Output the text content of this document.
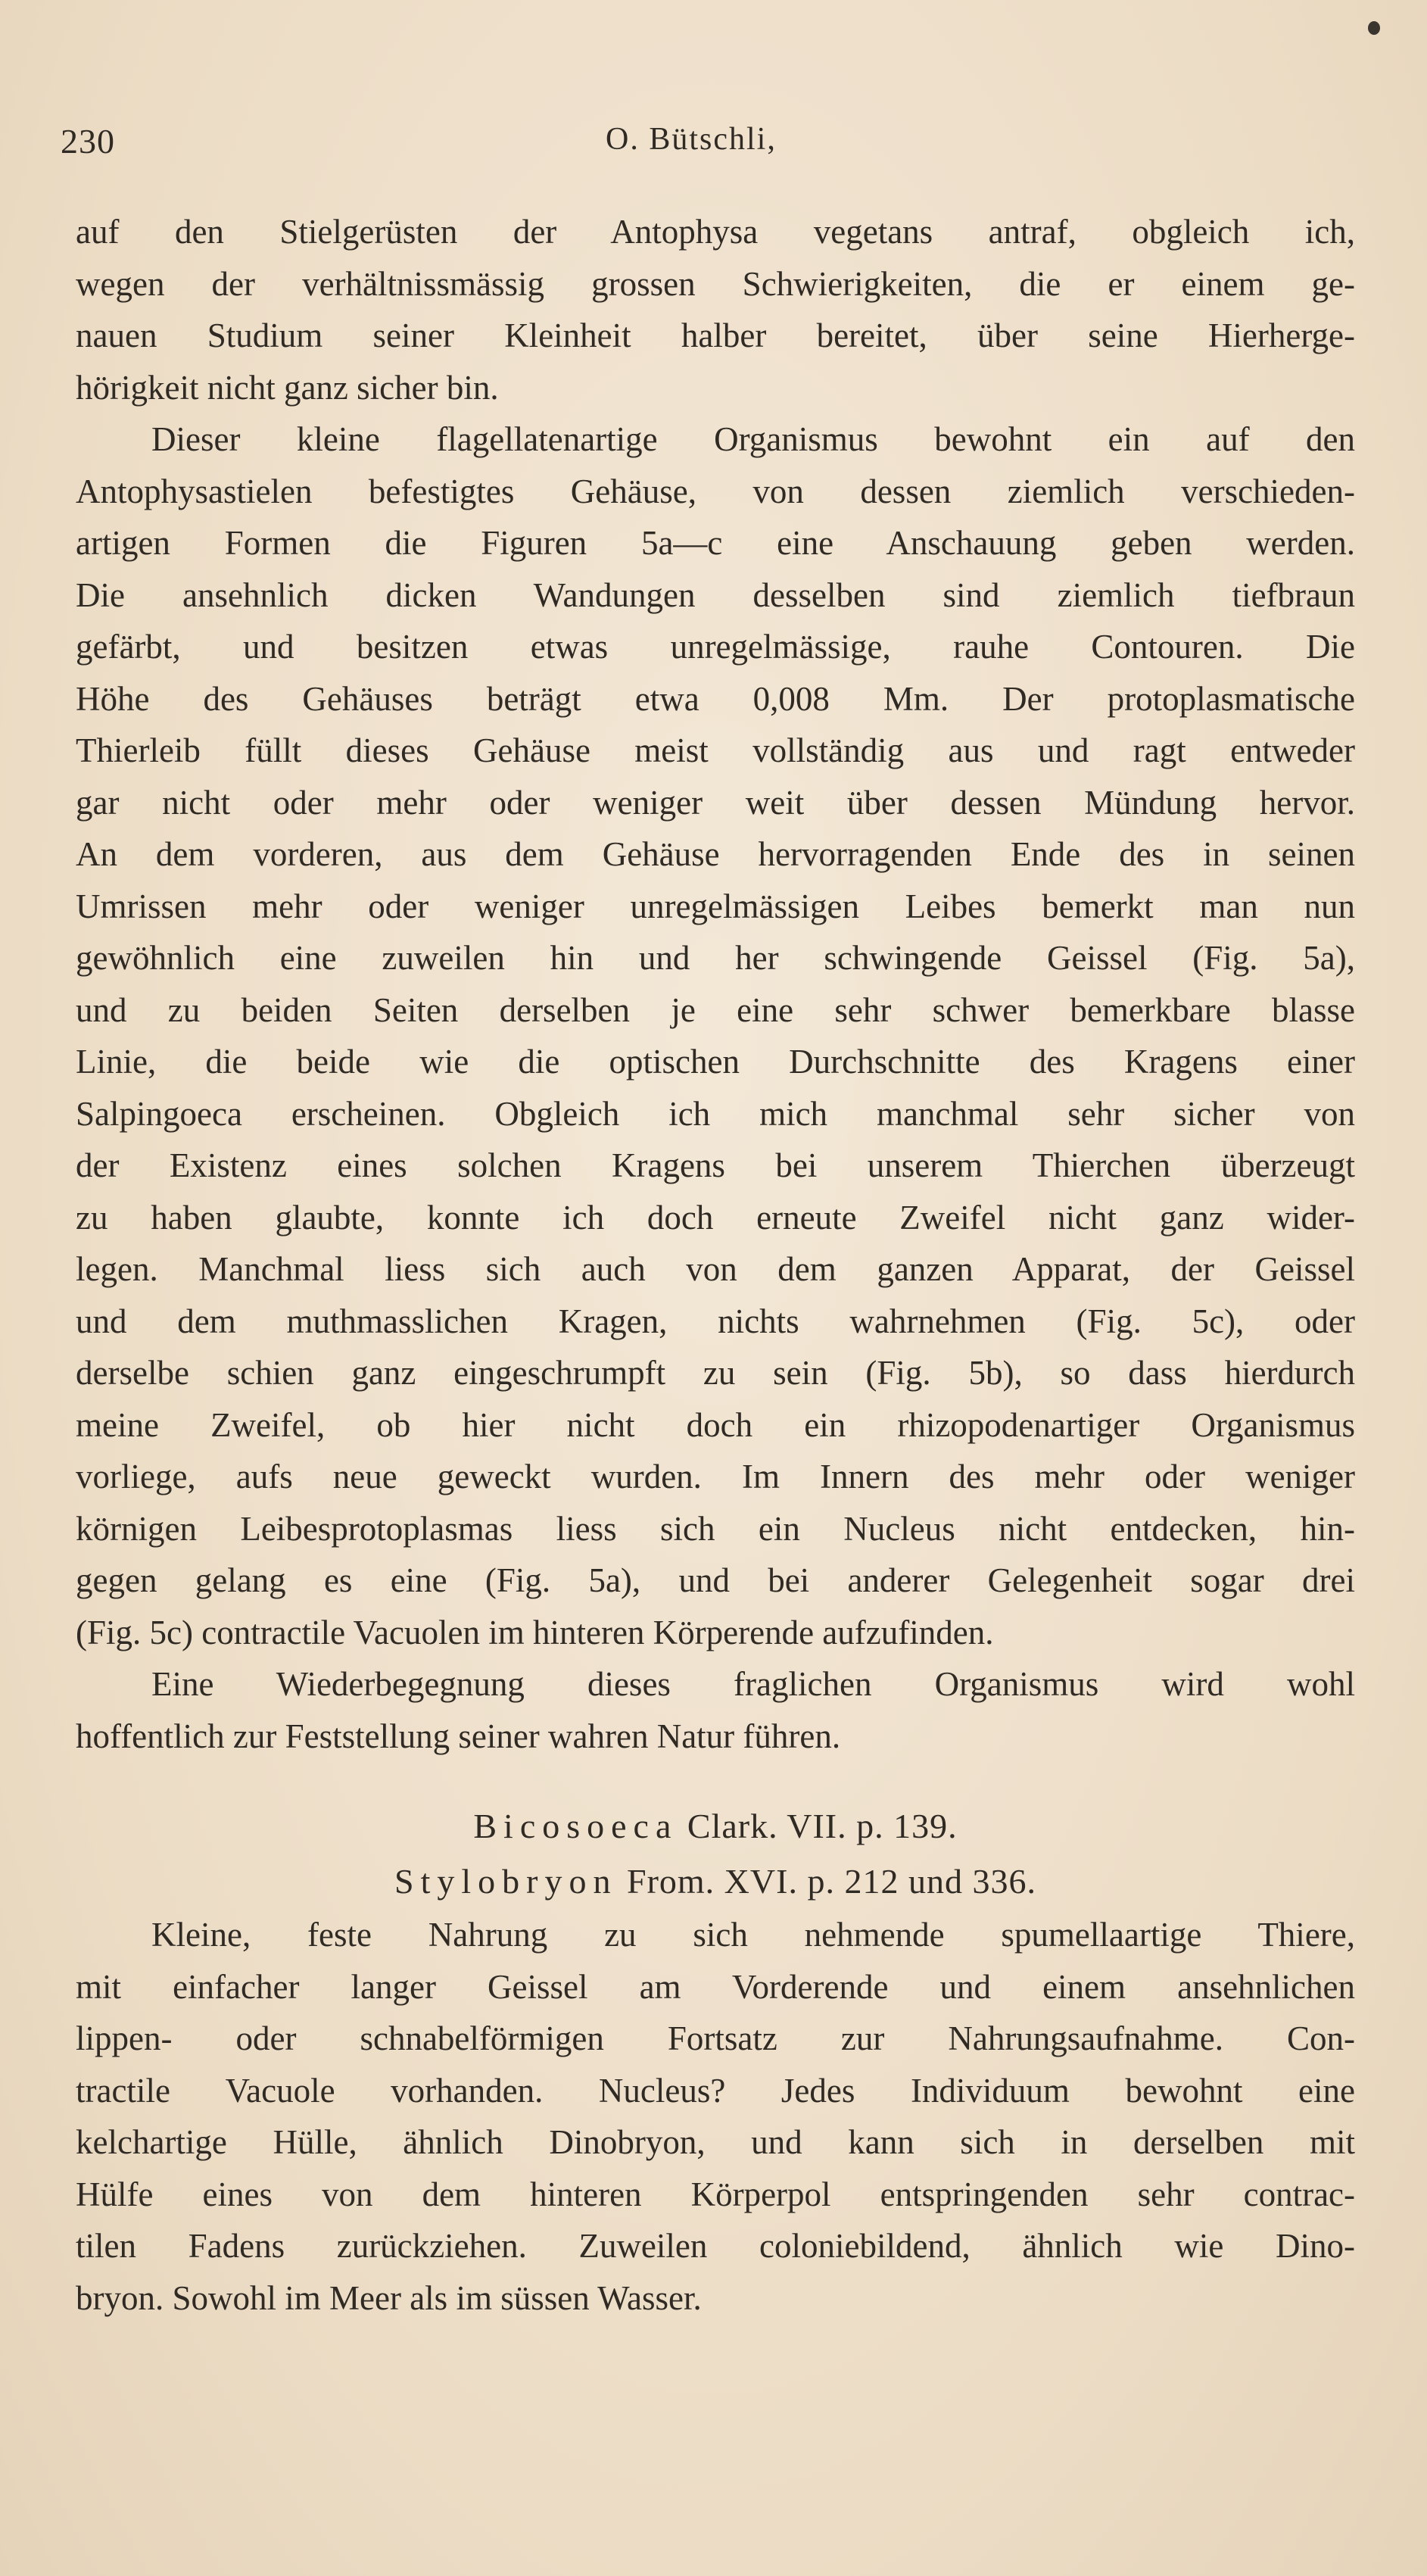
230	O. Bütschli,
auf den Stielgerüsten der Antophysa vegetans antraf, obgleich ich,
wegen der verhältnissmässig grossen Schwierigkeiten, die er einem ge-
nauen Studium seiner Kleinheit halber bereitet, über seine Hierherge-
hörigkeit nicht ganz sicher bin.
Dieser kleine flagellatenartige Organismus bewohnt ein auf den
Antophysastielen befestigtes Gehäuse, von dessen ziemlich verschieden-
artigen Formen die Figuren 5a—c eine Anschauung geben werden.
Die ansehnlich dicken Wandungen desselben sind ziemlich tiefbraun
gefärbt, und besitzen etwas unregelmässige, rauhe Contouren. Die
Höhe des Gehäuses beträgt etwa 0,008 Mm. Der protoplasmatische
Thierleib füllt dieses Gehäuse meist vollständig aus und ragt entweder
gar nicht oder mehr oder weniger weit über dessen Mündung hervor.
An dem vorderen, aus dem Gehäuse hervorragenden Ende des in seinen
Umrissen mehr oder weniger unregelmässigen Leibes bemerkt man nun
gewöhnlich eine zuweilen hin und her schwingende Geissel (Fig. 5a),
und zu beiden Seiten derselben je eine sehr schwer bemerkbare blasse
Linie, die beide wie die optischen Durchschnitte des Kragens einer
Salpingoeca erscheinen. Obgleich ich mich manchmal sehr sicher von
der Existenz eines solchen Kragens bei unserem Thierchen überzeugt
zu haben glaubte, konnte ich doch erneute Zweifel nicht ganz wider-
legen. Manchmal liess sich auch von dem ganzen Apparat, der Geissel
und dem muthmasslichen Kragen, nichts wahrnehmen (Fig. 5c), oder
derselbe schien ganz eingeschrumpft zu sein (Fig. 5b), so dass hierdurch
meine Zweifel, ob hier nicht doch ein rhizopodenartiger Organismus
vorliege, aufs neue geweckt wurden. Im Innern des mehr oder weniger
körnigen Leibesprotoplasmas liess sich ein Nucleus nicht entdecken, hin-
gegen gelang es eine (Fig. 5a), und bei anderer Gelegenheit sogar drei
(Fig. 5c) contractile Vacuolen im hinteren Körperende aufzufinden.
Eine Wiederbegegnung dieses fraglichen Organismus wird wohl
hoffentlich zur Feststellung seiner wahren Natur führen.
Bicosoeca Clark. VII. p. 139.
Stylobryon From. XVI. p. 212 und 336.
Kleine, feste Nahrung zu sich nehmende spumellaartige Thiere,
mit einfacher langer Geissel am Vorderende und einem ansehnlichen
lippen- oder schnabelförmigen Fortsatz zur Nahrungsaufnahme. Con-
tractile Vacuole vorhanden. Nucleus? Jedes Individuum bewohnt eine
kelchartige Hülle, ähnlich Dinobryon, und kann sich in derselben mit
Hülfe eines von dem hinteren Körperpol entspringenden sehr contrac-
tilen Fadens zurückziehen. Zuweilen coloniebildend, ähnlich wie Dino-
bryon. Sowohl im Meer als im süssen Wasser.
